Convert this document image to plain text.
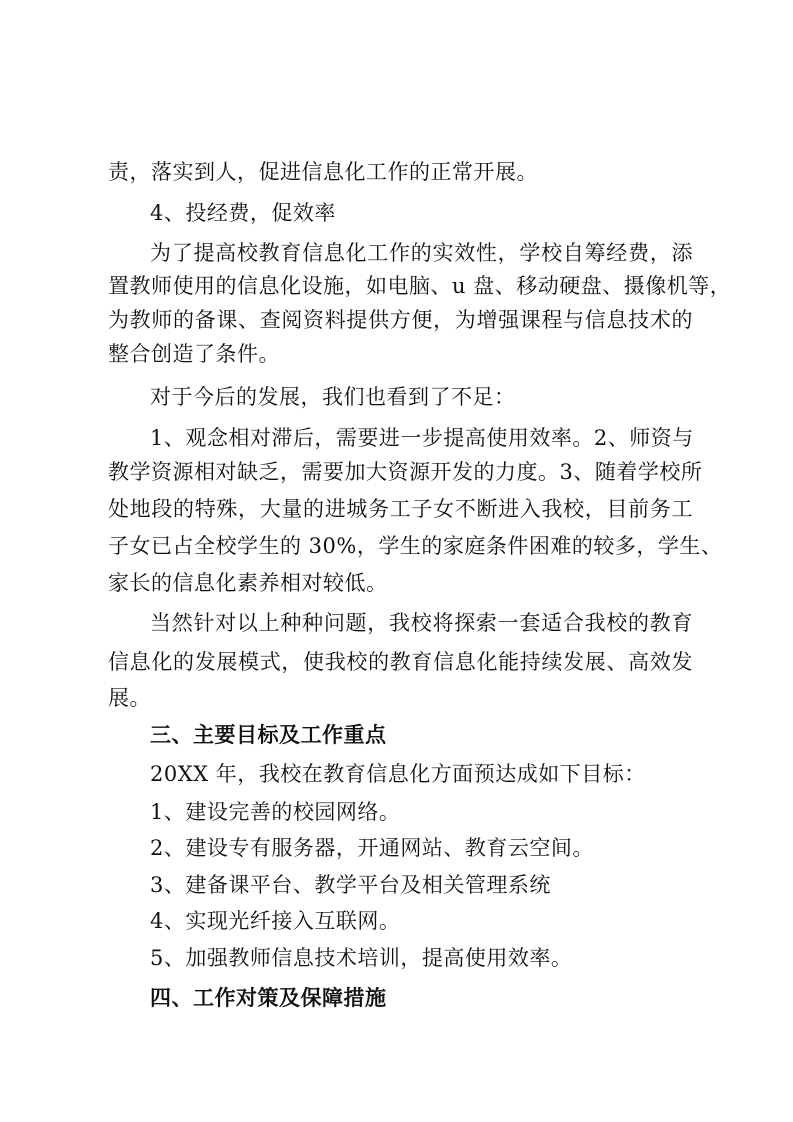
责，落实到人，促进信息化工作的正常开展。
4、投经费，促效率
为了提高校教育信息化工作的实效性，学校自筹经费，添
置教师使用的信息化设施，如电脑、u 盘、移动硬盘、摄像机等，
为教师的备课、查阅资料提供方便，为增强课程与信息技术的
整合创造了条件。
对于今后的发展，我们也看到了不足：
1、观念相对滞后，需要进一步提高使用效率。2、师资与
教学资源相对缺乏，需要加大资源开发的力度。3、随着学校所
处地段的特殊，大量的进城务工子女不断进入我校，目前务工
子女已占全校学生的 30%，学生的家庭条件困难的较多，学生、
家长的信息化素养相对较低。
当然针对以上种种问题，我校将探索一套适合我校的教育
信息化的发展模式，使我校的教育信息化能持续发展、高效发
展。
三、主要目标及工作重点
20XX 年，我校在教育信息化方面预达成如下目标：
1、建设完善的校园网络。
2、建设专有服务器，开通网站、教育云空间。
3、建备课平台、教学平台及相关管理系统
4、实现光纤接入互联网。
5、加强教师信息技术培训，提高使用效率。
四、工作对策及保障措施
